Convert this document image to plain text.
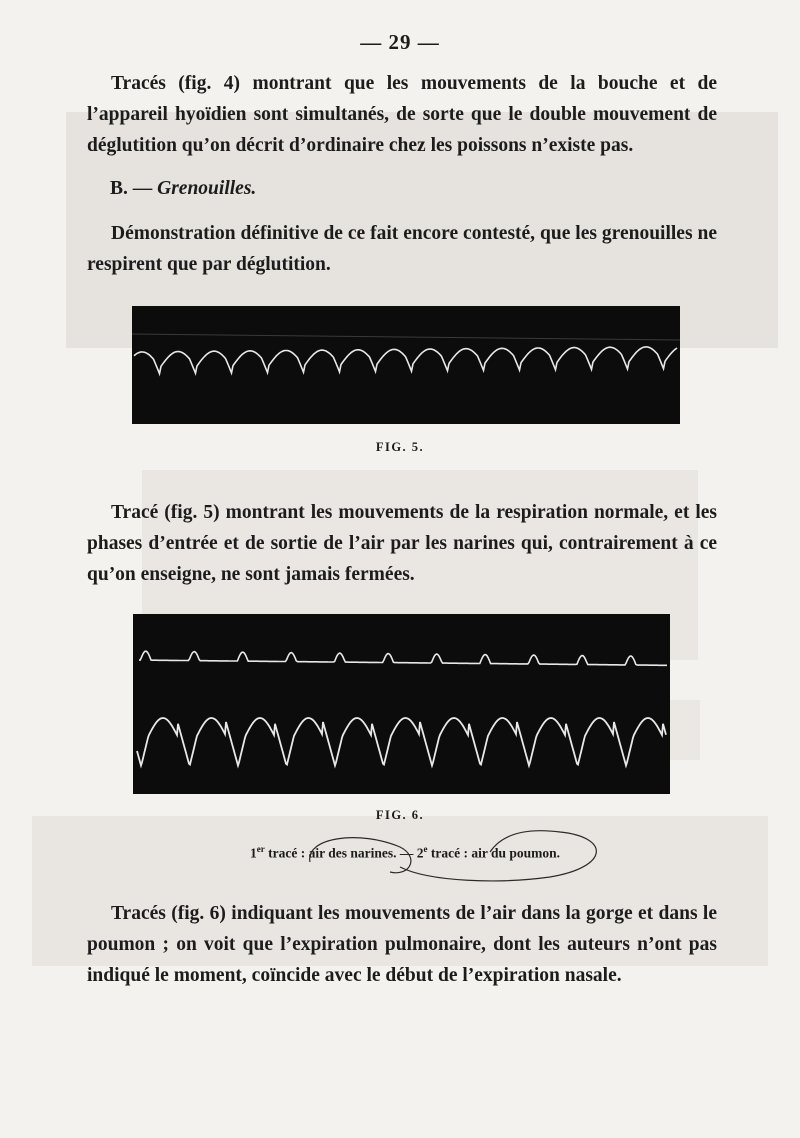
— 29 —

Tracés (fig. 4) montrant que les mouvements de la bouche et de l’appareil hyoïdien sont simultanés, de sorte que le double mouvement de déglutition qu’on décrit d’ordinaire chez les poissons n’existe pas.

B. — Grenouilles.

Démonstration définitive de ce fait encore contesté, que les grenouilles ne respirent que par déglutition.

FIG. 5.

Tracé (fig. 5) montrant les mouvements de la respiration normale, et les phases d’entrée et de sortie de l’air par les narines qui, contrairement à ce qu’on enseigne, ne sont jamais fermées.

FIG. 6.
1er tracé : air des narines. — 2e tracé : air du poumon.

Tracés (fig. 6) indiquant les mouvements de l’air dans la gorge et dans le poumon ; on voit que l’expiration pulmonaire, dont les auteurs n’ont pas indiqué le moment, coïncide avec le début de l’expiration nasale.
